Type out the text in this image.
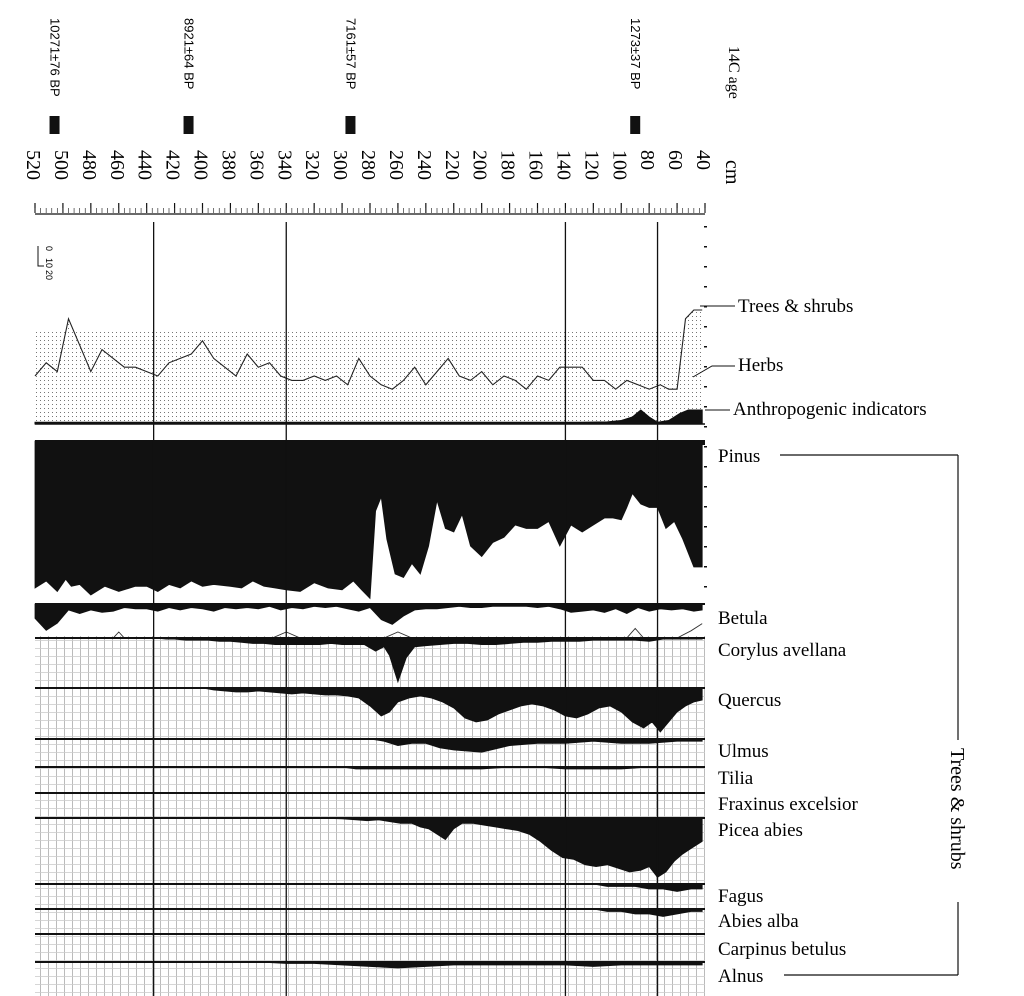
10271±76 BP	8921±64 BP	7161±57 BP	1273±37 BP	14C age
520 500 480 460 440 420 400 380 360 340 320 300 280 260 240 220 200 180 160 140 120 100 80 60 40 cm
0
10
20
Trees & shrubs
Herbs
Anthropogenic indicators
Pinus
Betula
Corylus avellana
Quercus
Ulmus
Tilia
Fraxinus excelsior
Picea abies
Fagus
Abies alba
Carpinus betulus
Alnus
Trees & shrubs
